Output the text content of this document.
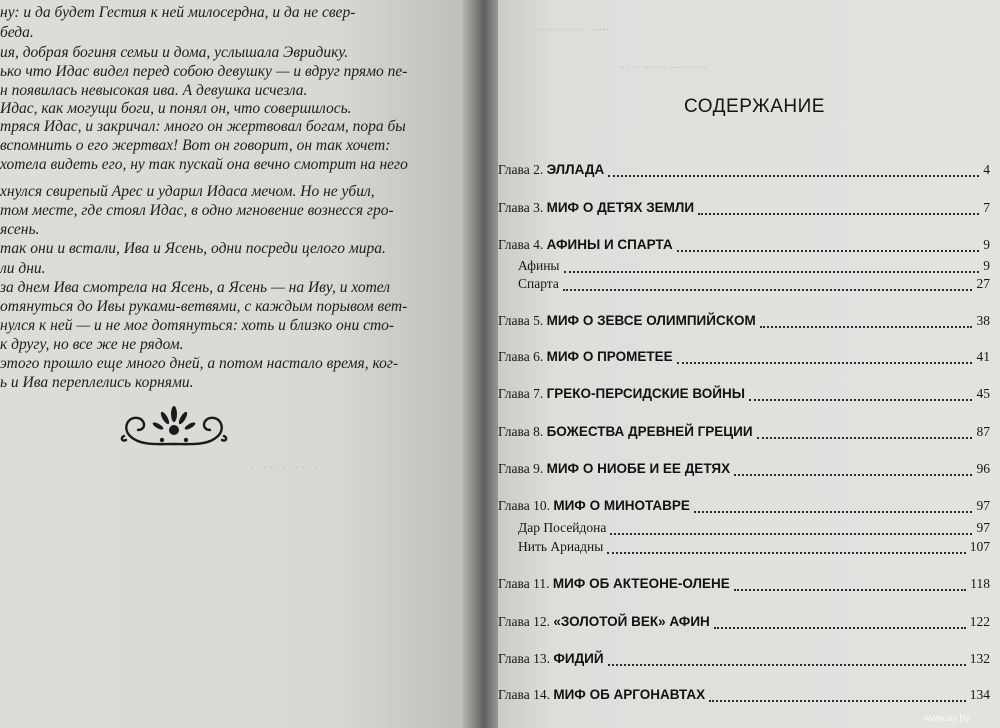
· · · · · · · · · · ·
ну: и да будет Гестия к ней милосердна, и да не свер-
беда.
ия, добрая богиня семьи и дома, услышала Эвридику.
ько что Идас видел перед собою девушку — и вдруг прямо пе-
н появилась невысокая ива. А девушка исчезла.
Идас, как могущи боги, и понял он, что совершилось.
тряся Идас, и закричал: много он жертвовал богам, пора бы
вспомнить о его жертвах! Вот он говорит, он так хочет:
хотела видеть его, ну так пускай она вечно смотрит на него
хнулся свирепый Арес и ударил Идаса мечом. Но не убил,
том месте, где стоял Идас, в одно мгновение вознесся гро-
ясень.
так они и встали, Ива и Ясень, одни посреди целого мира.
ли дни.
за днем Ива смотрела на Ясень, а Ясень — на Иву, и хотел
отянуться до Ивы руками-ветвями, с каждым порывом вет-
нулся к ней — и не мог дотянуться: хоть и близко они сто-
к другу, но все же не рядом.
этого прошло еще много дней, а потом настало время, ког-
ь и Ива переплелись корнями.
·········· ··· ·····
··· ·· ······· ··········
СОДЕРЖАНИЕ
Глава 2. ЭЛЛАДА	4
Глава 3. МИФ О ДЕТЯХ ЗЕМЛИ	7
Глава 4. АФИНЫ И СПАРТА	9
Афины	9
Спарта	27
Глава 5. МИФ О ЗЕВСЕ ОЛИМПИЙСКОМ	38
Глава 6. МИФ О ПРОМЕТЕЕ	41
Глава 7. ГРЕКО-ПЕРСИДСКИЕ ВОЙНЫ	45
Глава 8. БОЖЕСТВА ДРЕВНЕЙ ГРЕЦИИ	87
Глава 9. МИФ О НИОБЕ И ЕЕ ДЕТЯХ	96
Глава 10. МИФ О МИНОТАВРЕ	97
Дар Посейдона	97
Нить Ариадны	107
Глава 11. МИФ ОБ АКТЕОНЕ-ОЛЕНЕ	118
Глава 12. «ЗОЛОТОЙ ВЕК» АФИН	122
Глава 13. ФИДИЙ	132
Глава 14. МИФ ОБ АРГОНАВТАХ	134
www.ay.by
